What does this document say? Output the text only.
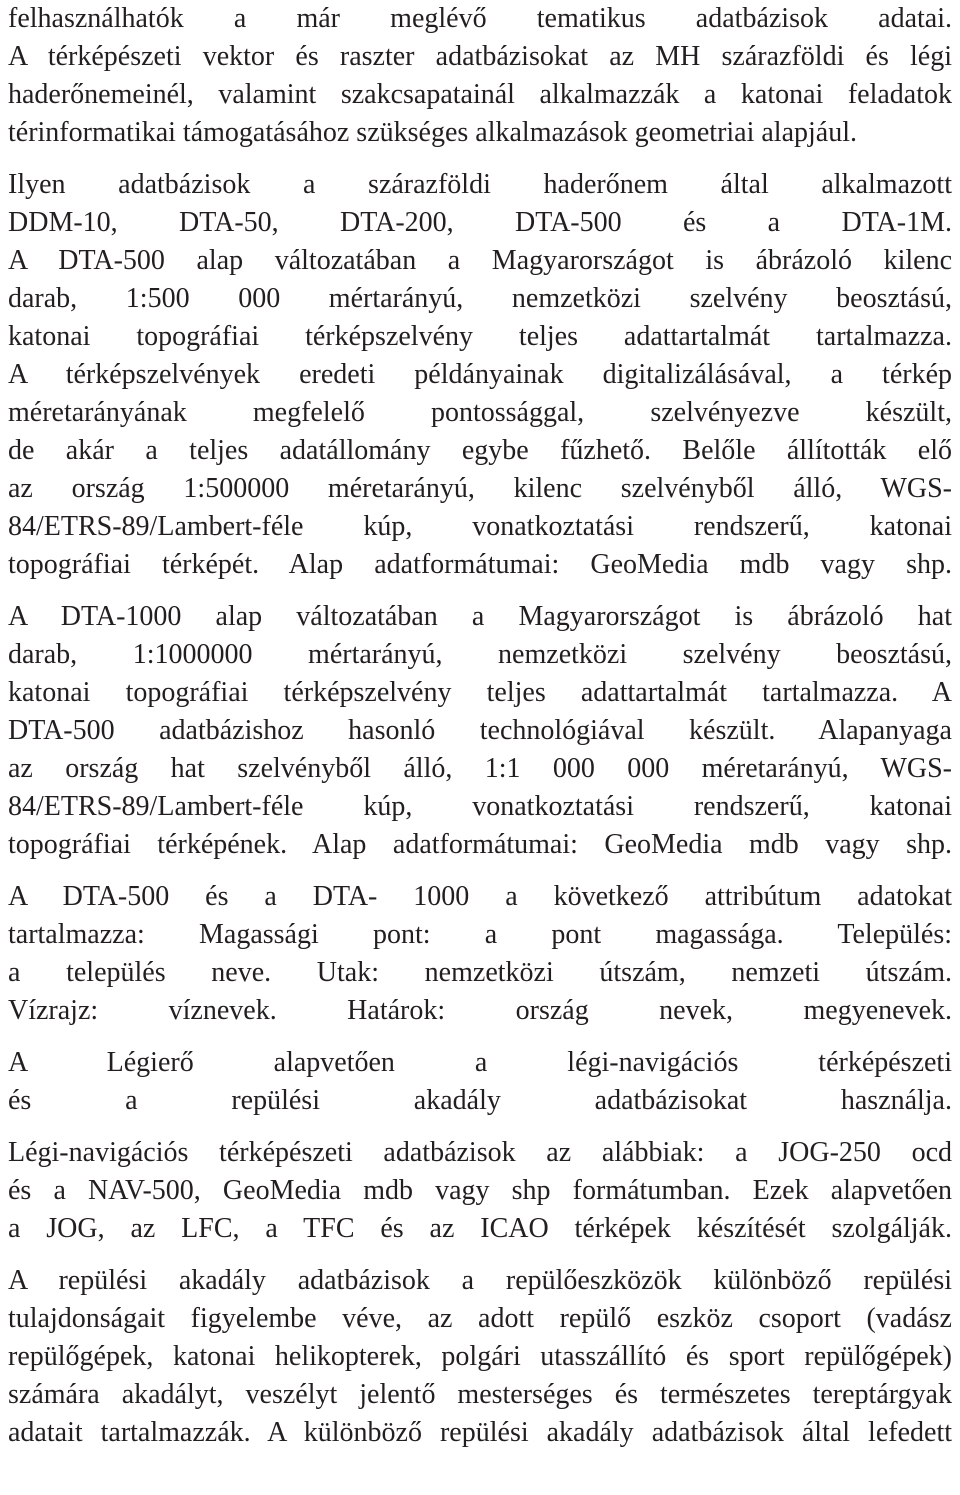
felhasználhatók a már meglévő tematikus adatbázisok adatai.
A térképészeti vektor és raszter adatbázisokat az MH szárazföldi és légi
haderőnemeinél, valamint szakcsapatainál alkalmazzák a katonai feladatok
térinformatikai támogatásához szükséges alkalmazások geometriai alapjául.
Ilyen adatbázisok a szárazföldi haderőnem által alkalmazott
DDM-10, DTA-50, DTA-200, DTA-500 és a DTA-1M.
A DTA-500 alap változatában a Magyarországot is ábrázoló kilenc
darab, 1:500 000 mértarányú, nemzetközi szelvény beosztású,
katonai topográfiai térképszelvény teljes adattartalmát tartalmazza.
A térképszelvények eredeti példányainak digitalizálásával, a térkép
méretarányának megfelelő pontossággal, szelvényezve készült,
de akár a teljes adatállomány egybe fűzhető. Belőle állították elő
az ország 1:500000 méretarányú, kilenc szelvényből álló, WGS-
84/ETRS-89/Lambert-féle kúp, vonatkoztatási rendszerű, katonai
topográfiai térképét. Alap adatformátumai: GeoMedia mdb vagy shp.
A DTA-1000 alap változatában a Magyarországot is ábrázoló hat
darab, 1:1000000 mértarányú, nemzetközi szelvény beosztású,
katonai topográfiai térképszelvény teljes adattartalmát tartalmazza. A
DTA-500 adatbázishoz hasonló technológiával készült. Alapanyaga
az ország hat szelvényből álló, 1:1 000 000 méretarányú, WGS-
84/ETRS-89/Lambert-féle kúp, vonatkoztatási rendszerű, katonai
topográfiai térképének. Alap adatformátumai: GeoMedia mdb vagy shp.
A DTA-500 és a DTA- 1000 a következő attribútum adatokat
tartalmazza: Magassági pont: a pont magassága. Település:
a település neve. Utak: nemzetközi útszám, nemzeti útszám.
Vízrajz: víznevek. Határok: ország nevek, megyenevek.
A Légierő alapvetően a légi-navigációs térképészeti
és a repülési akadály adatbázisokat használja.
Légi-navigációs térképészeti adatbázisok az alábbiak: a JOG-250 ocd
és a NAV-500, GeoMedia mdb vagy shp formátumban. Ezek alapvetően
a JOG, az LFC, a TFC és az ICAO térképek készítését szolgálják.
A repülési akadály adatbázisok a repülőeszközök különböző repülési
tulajdonságait figyelembe véve, az adott repülő eszköz csoport (vadász
repülőgépek, katonai helikopterek, polgári utasszállító és sport repülőgépek)
számára akadályt, veszélyt jelentő mesterséges és természetes tereptárgyak
adatait tartalmazzák. A különböző repülési akadály adatbázisok által lefedett
